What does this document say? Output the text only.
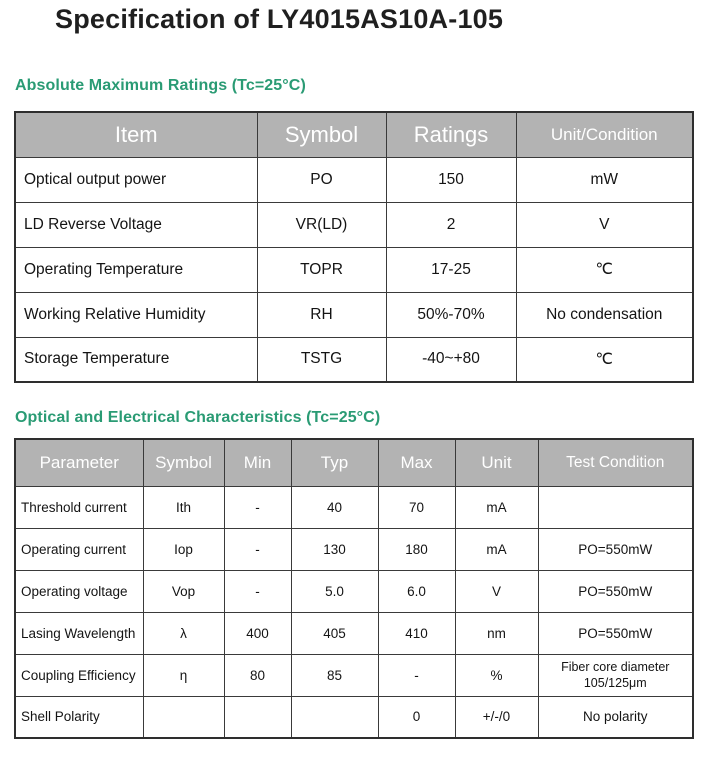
Specification of LY4015AS10A-105
Absolute Maximum Ratings (Tc=25°C)
Item	Symbol	Ratings	Unit/Condition
Optical output power	PO	150	mW
LD Reverse Voltage	VR(LD)	2	V
Operating Temperature	TOPR	17-25	℃
Working Relative Humidity	RH	50%-70%	No condensation
Storage Temperature	TSTG	-40~+80	℃
Optical and Electrical Characteristics (Tc=25°C)
Parameter	Symbol	Min	Typ	Max	Unit	Test Condition
Threshold current	Ith	-	40	70	mA	
Operating current	Iop	-	130	180	mA	PO=550mW
Operating voltage	Vop	-	5.0	6.0	V	PO=550mW
Lasing Wavelength	λ	400	405	410	nm	PO=550mW
Coupling Efficiency	η	80	85	-	%	Fiber core diameter 105/125μm
Shell Polarity				0	+/-/0	No polarity
